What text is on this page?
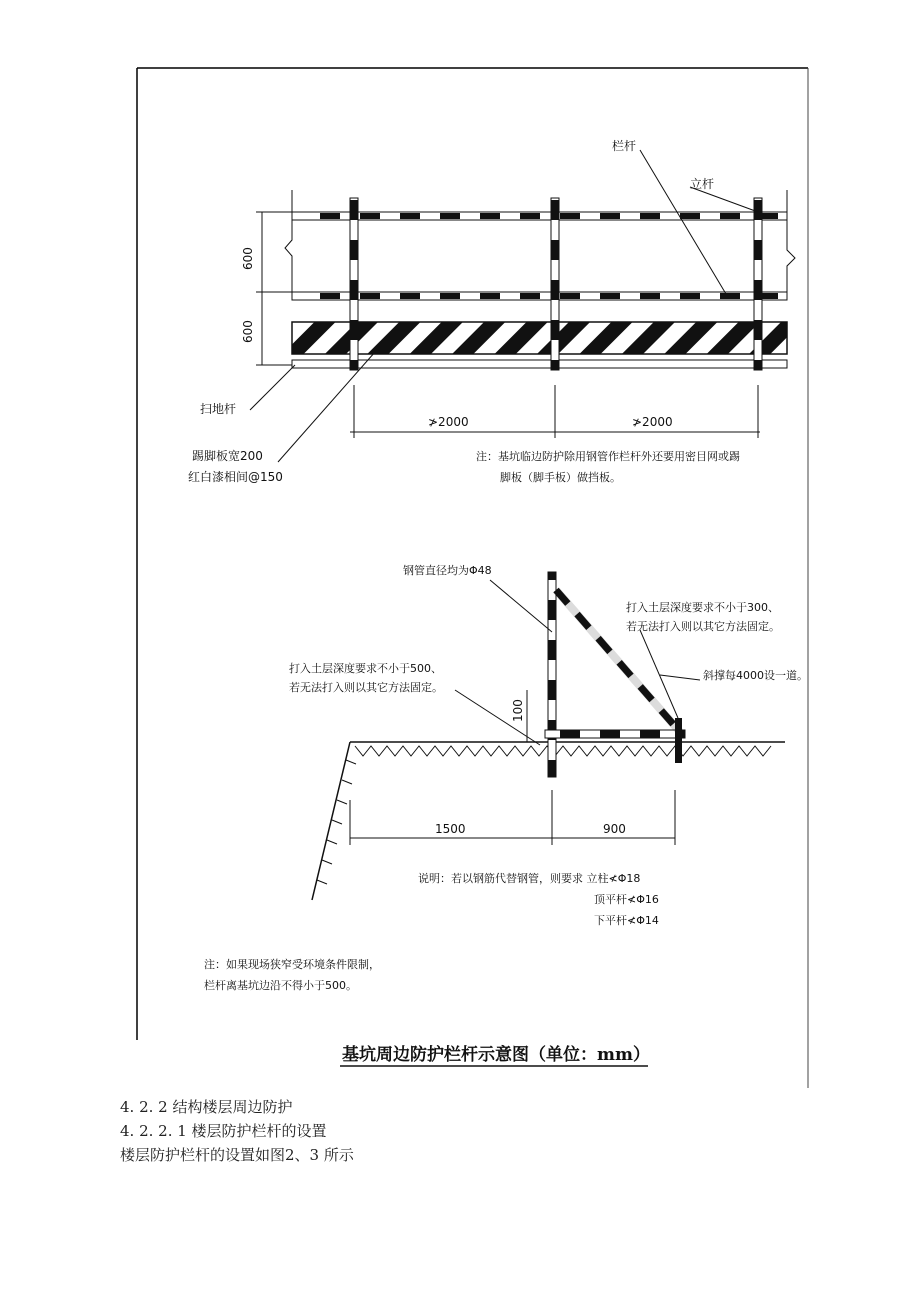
栏杆
立杆
600
600
扫地杆
踢脚板宽200
红白漆相间@150
≯2000	≯2000
注：基坑临边防护除用钢管作栏杆外还要用密目网或踢
脚板（脚手板）做挡板。
钢管直径均为Φ48
打入土层深度要求不小于300、
若无法打入则以其它方法固定。
打入土层深度要求不小于500、
若无法打入则以其它方法固定。
斜撑每4000设一道。
100
1500	900
说明：若以钢筋代替钢管，则要求 立柱≮Φ18
顶平杆≮Φ16
下平杆≮Φ14
注：如果现场狭窄受环境条件限制，
栏杆离基坑边沿不得小于500。
基坑周边防护栏杆示意图（单位：mm）
4. 2. 2 结构楼层周边防护
4. 2. 2. 1 楼层防护栏杆的设置
楼层防护栏杆的设置如图2、3 所示
